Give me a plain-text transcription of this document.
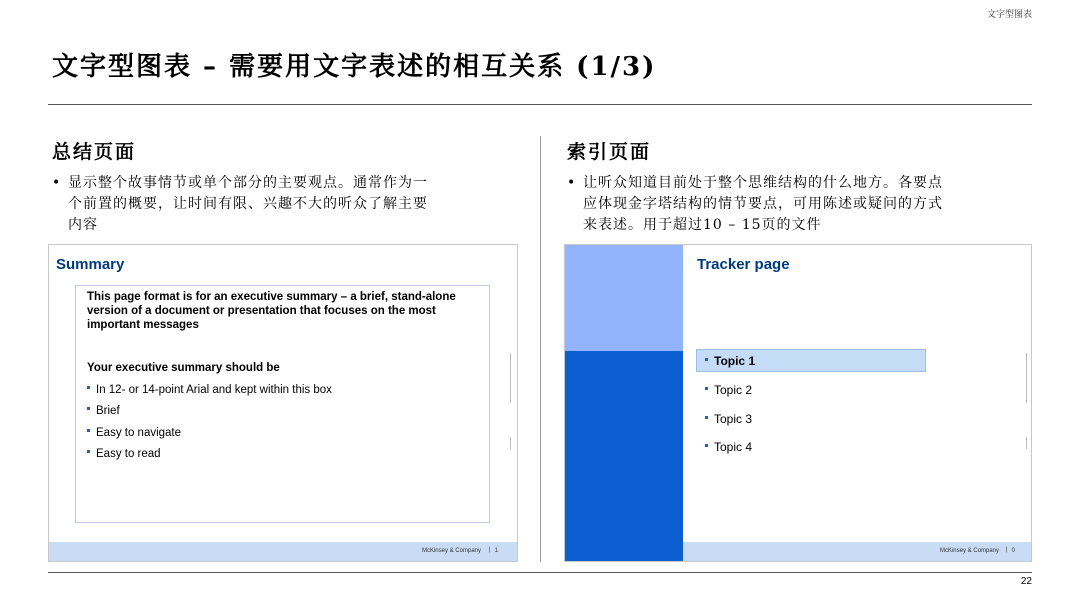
文字型图表
文字型图表 – 需要用文字表述的相互关系 (1/3)
总结页面
• 显示整个故事情节或单个部分的主要观点。通常作为一
个前置的概要，让时间有限、兴趣不大的听众了解主要
内容
Summary
This page format is for an executive summary – a brief, stand-alone version of a document or presentation that focuses on the most important messages
Your executive summary should be
In 12- or 14-point Arial and kept within this box
Brief
Easy to navigate
Easy to read
McKinsey & Company | 1
索引页面
• 让听众知道目前处于整个思维结构的什么地方。各要点
应体现金字塔结构的情节要点，可用陈述或疑问的方式
来表述。用于超过10 – 15页的文件
Tracker page
Topic 1
Topic 2
Topic 3
Topic 4
McKinsey & Company | 0
22
